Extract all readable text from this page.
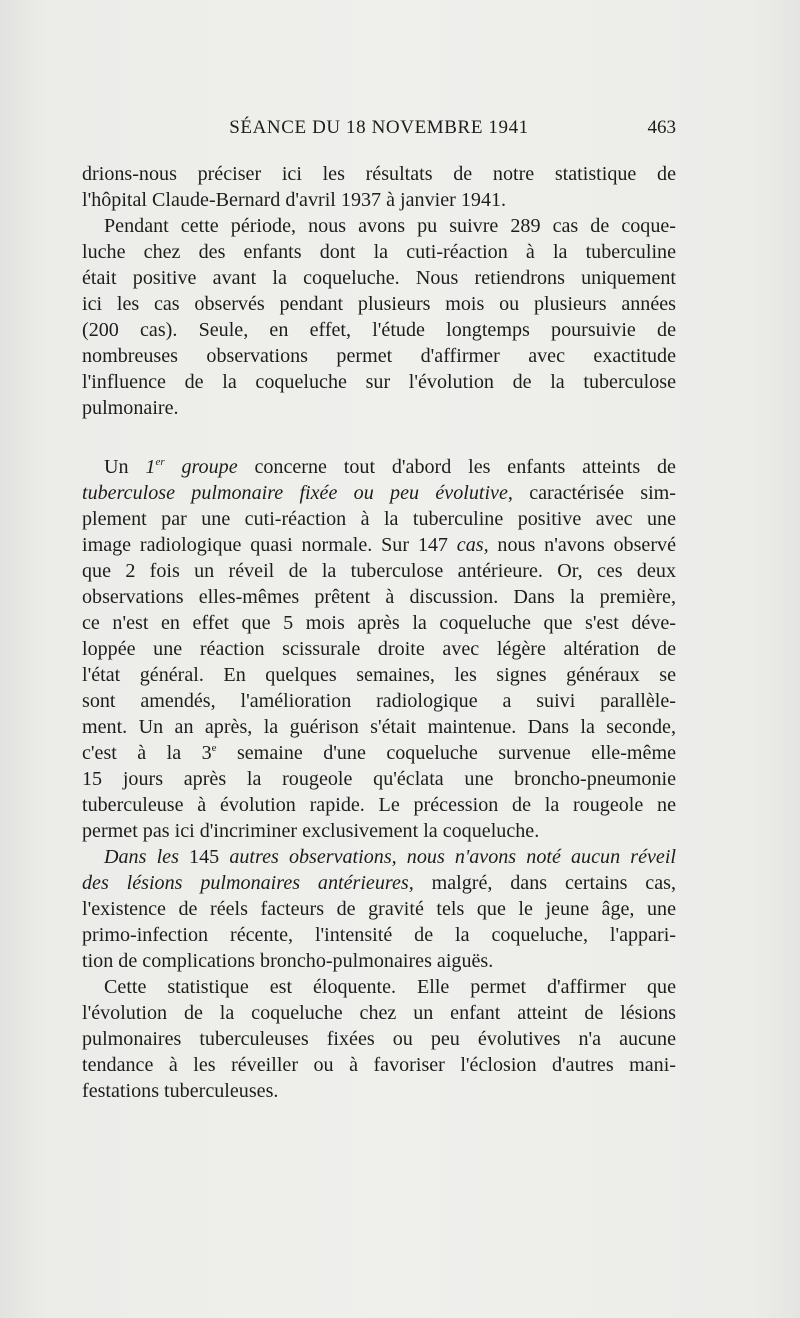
SÉANCE DU 18 NOVEMBRE 1941	463
drions-nous préciser ici les résultats de notre statistique de
l'hôpital Claude-Bernard d'avril 1937 à janvier 1941.
Pendant cette période, nous avons pu suivre 289 cas de coque-
luche chez des enfants dont la cuti-réaction à la tuberculine
était positive avant la coqueluche. Nous retiendrons uniquement
ici les cas observés pendant plusieurs mois ou plusieurs années
(200 cas). Seule, en effet, l'étude longtemps poursuivie de
nombreuses observations permet d'affirmer avec exactitude
l'influence de la coqueluche sur l'évolution de la tuberculose
pulmonaire.
Un 1er groupe concerne tout d'abord les enfants atteints de
tuberculose pulmonaire fixée ou peu évolutive, caractérisée sim-
plement par une cuti-réaction à la tuberculine positive avec une
image radiologique quasi normale. Sur 147 cas, nous n'avons observé
que 2 fois un réveil de la tuberculose antérieure. Or, ces deux
observations elles-mêmes prêtent à discussion. Dans la première,
ce n'est en effet que 5 mois après la coqueluche que s'est déve-
loppée une réaction scissurale droite avec légère altération de
l'état général. En quelques semaines, les signes généraux se
sont amendés, l'amélioration radiologique a suivi parallèle-
ment. Un an après, la guérison s'était maintenue. Dans la seconde,
c'est à la 3e semaine d'une coqueluche survenue elle-même
15 jours après la rougeole qu'éclata une broncho-pneumonie
tuberculeuse à évolution rapide. Le précession de la rougeole ne
permet pas ici d'incriminer exclusivement la coqueluche.
Dans les 145 autres observations, nous n'avons noté aucun réveil
des lésions pulmonaires antérieures, malgré, dans certains cas,
l'existence de réels facteurs de gravité tels que le jeune âge, une
primo-infection récente, l'intensité de la coqueluche, l'appari-
tion de complications broncho-pulmonaires aiguës.
Cette statistique est éloquente. Elle permet d'affirmer que
l'évolution de la coqueluche chez un enfant atteint de lésions
pulmonaires tuberculeuses fixées ou peu évolutives n'a aucune
tendance à les réveiller ou à favoriser l'éclosion d'autres mani-
festations tuberculeuses.
